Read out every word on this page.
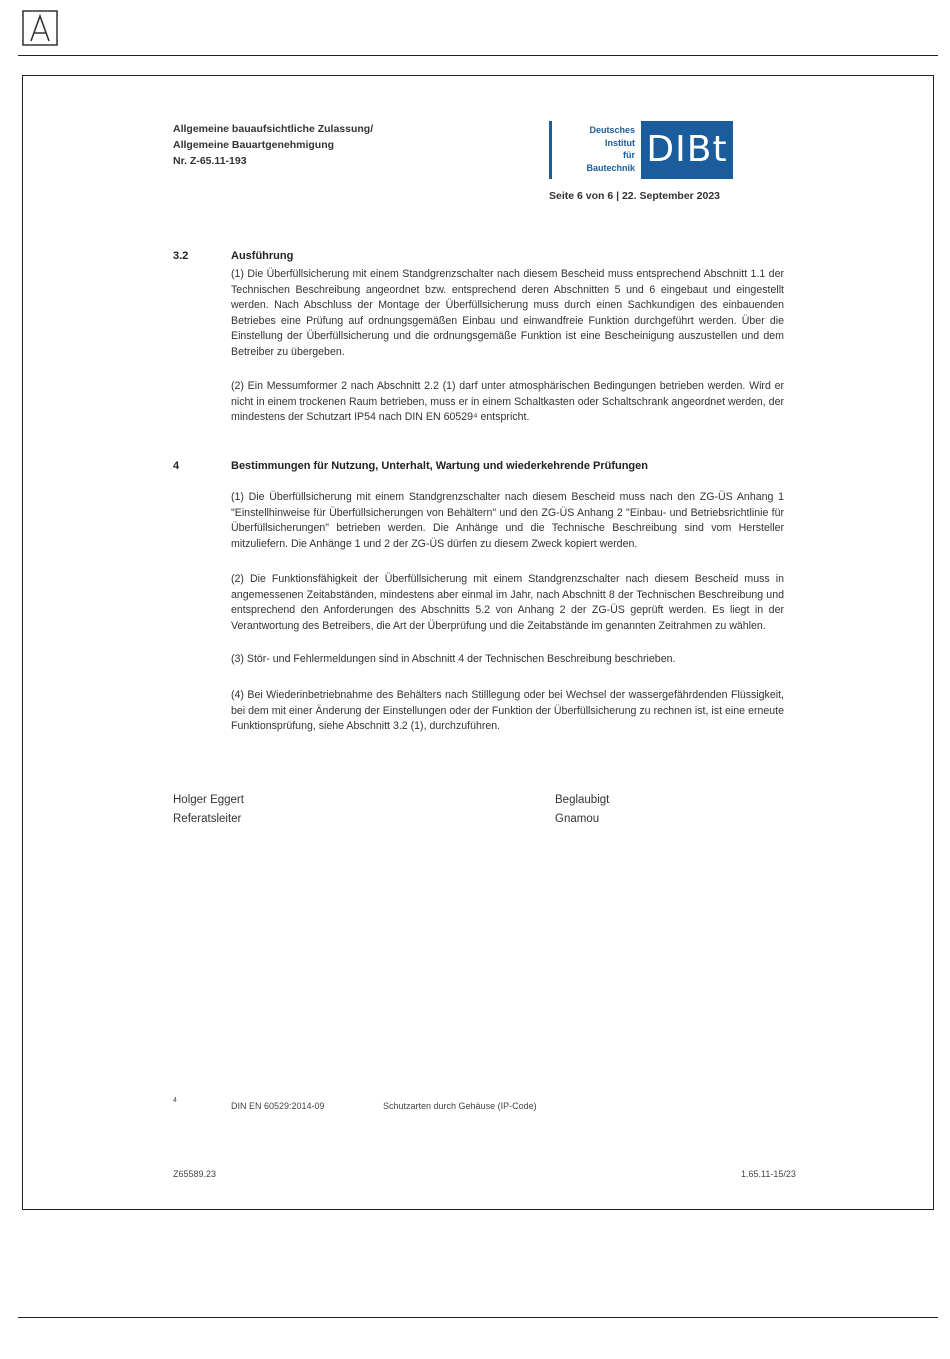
Allgemeine bauaufsichtliche Zulassung/
Allgemeine Bauartgenehmigung
Nr. Z-65.11-193
Deutsches
Institut
für
Bautechnik DIBt
Seite 6 von 6 | 22. September 2023
3.2	Ausführung

(1) Die Überfüllsicherung mit einem Standgrenzschalter nach diesem Bescheid muss entsprechend Abschnitt 1.1 der Technischen Beschreibung angeordnet bzw. entsprechend deren Abschnitten 5 und 6 eingebaut und eingestellt werden. Nach Abschluss der Montage der Überfüllsicherung muss durch einen Sachkundigen des einbauenden Betriebes eine Prüfung auf ordnungsgemäßen Einbau und einwandfreie Funktion durchgeführt werden. Über die Einstellung der Überfüllsicherung und die ordnungsgemäße Funktion ist eine Bescheinigung auszustellen und dem Betreiber zu übergeben.

(2) Ein Messumformer 2 nach Abschnitt 2.2 (1) darf unter atmosphärischen Bedingungen betrieben werden. Wird er nicht in einem trockenen Raum betrieben, muss er in einem Schaltkasten oder Schaltschrank angeordnet werden, der mindestens der Schutzart IP54 nach DIN EN 60529⁴ entspricht.

4	Bestimmungen für Nutzung, Unterhalt, Wartung und wiederkehrende Prüfungen

(1) Die Überfüllsicherung mit einem Standgrenzschalter nach diesem Bescheid muss nach den ZG-ÜS Anhang 1 "Einstellhinweise für Überfüllsicherungen von Behältern" und den ZG-ÜS Anhang 2 "Einbau- und Betriebsrichtlinie für Überfüllsicherungen" betrieben werden. Die Anhänge und die Technische Beschreibung sind vom Hersteller mitzuliefern. Die Anhänge 1 und 2 der ZG-ÜS dürfen zu diesem Zweck kopiert werden.

(2) Die Funktionsfähigkeit der Überfüllsicherung mit einem Standgrenzschalter nach diesem Bescheid muss in angemessenen Zeitabständen, mindestens aber einmal im Jahr, nach Abschnitt 8 der Technischen Beschreibung und entsprechend den Anforderungen des Abschnitts 5.2 von Anhang 2 der ZG-ÜS geprüft werden. Es liegt in der Verantwortung des Betreibers, die Art der Überprüfung und die Zeitabstände im genannten Zeitrahmen zu wählen.

(3) Stör- und Fehlermeldungen sind in Abschnitt 4 der Technischen Beschreibung beschrieben.

(4) Bei Wiederinbetriebnahme des Behälters nach Stilllegung oder bei Wechsel der wassergefährdenden Flüssigkeit, bei dem mit einer Änderung der Einstellungen oder der Funktion der Überfüllsicherung zu rechnen ist, ist eine erneute Funktionsprüfung, siehe Abschnitt 3.2 (1), durchzuführen.

Holger Eggert
Referatsleiter
Beglaubigt
Gnamou
4
DIN EN 60529:2014-09	Schutzarten durch Gehäuse (IP-Code)
Z65589.23	1.65.11-15/23
